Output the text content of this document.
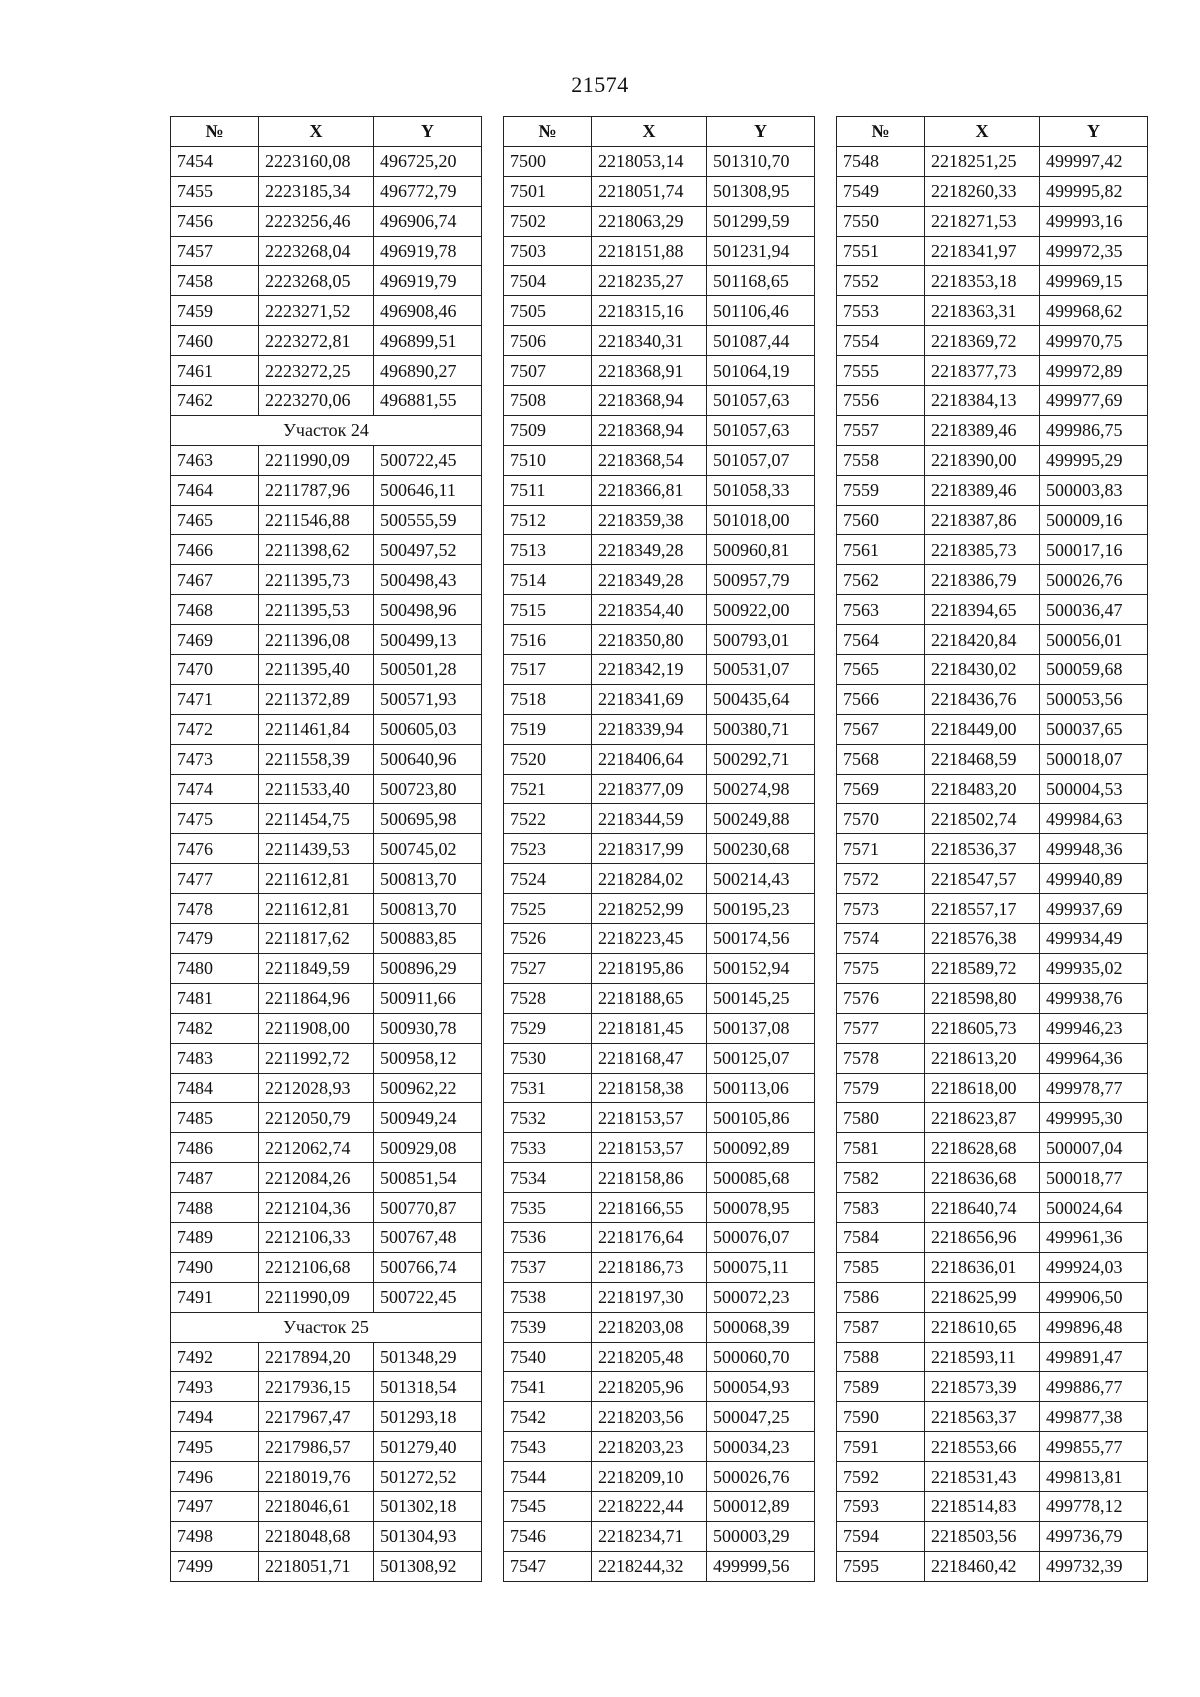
21574
№	X	Y
7454	2223160,08	496725,20
7455	2223185,34	496772,79
7456	2223256,46	496906,74
7457	2223268,04	496919,78
7458	2223268,05	496919,79
7459	2223271,52	496908,46
7460	2223272,81	496899,51
7461	2223272,25	496890,27
7462	2223270,06	496881,55
Участок 24		
7463	2211990,09	500722,45
7464	2211787,96	500646,11
7465	2211546,88	500555,59
7466	2211398,62	500497,52
7467	2211395,73	500498,43
7468	2211395,53	500498,96
7469	2211396,08	500499,13
7470	2211395,40	500501,28
7471	2211372,89	500571,93
7472	2211461,84	500605,03
7473	2211558,39	500640,96
7474	2211533,40	500723,80
7475	2211454,75	500695,98
7476	2211439,53	500745,02
7477	2211612,81	500813,70
7478	2211612,81	500813,70
7479	2211817,62	500883,85
7480	2211849,59	500896,29
7481	2211864,96	500911,66
7482	2211908,00	500930,78
7483	2211992,72	500958,12
7484	2212028,93	500962,22
7485	2212050,79	500949,24
7486	2212062,74	500929,08
7487	2212084,26	500851,54
7488	2212104,36	500770,87
7489	2212106,33	500767,48
7490	2212106,68	500766,74
7491	2211990,09	500722,45
Участок 25		
7492	2217894,20	501348,29
7493	2217936,15	501318,54
7494	2217967,47	501293,18
7495	2217986,57	501279,40
7496	2218019,76	501272,52
7497	2218046,61	501302,18
7498	2218048,68	501304,93
7499	2218051,71	501308,92
№	X	Y
7500	2218053,14	501310,70
7501	2218051,74	501308,95
7502	2218063,29	501299,59
7503	2218151,88	501231,94
7504	2218235,27	501168,65
7505	2218315,16	501106,46
7506	2218340,31	501087,44
7507	2218368,91	501064,19
7508	2218368,94	501057,63
7509	2218368,94	501057,63
7510	2218368,54	501057,07
7511	2218366,81	501058,33
7512	2218359,38	501018,00
7513	2218349,28	500960,81
7514	2218349,28	500957,79
7515	2218354,40	500922,00
7516	2218350,80	500793,01
7517	2218342,19	500531,07
7518	2218341,69	500435,64
7519	2218339,94	500380,71
7520	2218406,64	500292,71
7521	2218377,09	500274,98
7522	2218344,59	500249,88
7523	2218317,99	500230,68
7524	2218284,02	500214,43
7525	2218252,99	500195,23
7526	2218223,45	500174,56
7527	2218195,86	500152,94
7528	2218188,65	500145,25
7529	2218181,45	500137,08
7530	2218168,47	500125,07
7531	2218158,38	500113,06
7532	2218153,57	500105,86
7533	2218153,57	500092,89
7534	2218158,86	500085,68
7535	2218166,55	500078,95
7536	2218176,64	500076,07
7537	2218186,73	500075,11
7538	2218197,30	500072,23
7539	2218203,08	500068,39
7540	2218205,48	500060,70
7541	2218205,96	500054,93
7542	2218203,56	500047,25
7543	2218203,23	500034,23
7544	2218209,10	500026,76
7545	2218222,44	500012,89
7546	2218234,71	500003,29
7547	2218244,32	499999,56
№	X	Y
7548	2218251,25	499997,42
7549	2218260,33	499995,82
7550	2218271,53	499993,16
7551	2218341,97	499972,35
7552	2218353,18	499969,15
7553	2218363,31	499968,62
7554	2218369,72	499970,75
7555	2218377,73	499972,89
7556	2218384,13	499977,69
7557	2218389,46	499986,75
7558	2218390,00	499995,29
7559	2218389,46	500003,83
7560	2218387,86	500009,16
7561	2218385,73	500017,16
7562	2218386,79	500026,76
7563	2218394,65	500036,47
7564	2218420,84	500056,01
7565	2218430,02	500059,68
7566	2218436,76	500053,56
7567	2218449,00	500037,65
7568	2218468,59	500018,07
7569	2218483,20	500004,53
7570	2218502,74	499984,63
7571	2218536,37	499948,36
7572	2218547,57	499940,89
7573	2218557,17	499937,69
7574	2218576,38	499934,49
7575	2218589,72	499935,02
7576	2218598,80	499938,76
7577	2218605,73	499946,23
7578	2218613,20	499964,36
7579	2218618,00	499978,77
7580	2218623,87	499995,30
7581	2218628,68	500007,04
7582	2218636,68	500018,77
7583	2218640,74	500024,64
7584	2218656,96	499961,36
7585	2218636,01	499924,03
7586	2218625,99	499906,50
7587	2218610,65	499896,48
7588	2218593,11	499891,47
7589	2218573,39	499886,77
7590	2218563,37	499877,38
7591	2218553,66	499855,77
7592	2218531,43	499813,81
7593	2218514,83	499778,12
7594	2218503,56	499736,79
7595	2218460,42	499732,39
